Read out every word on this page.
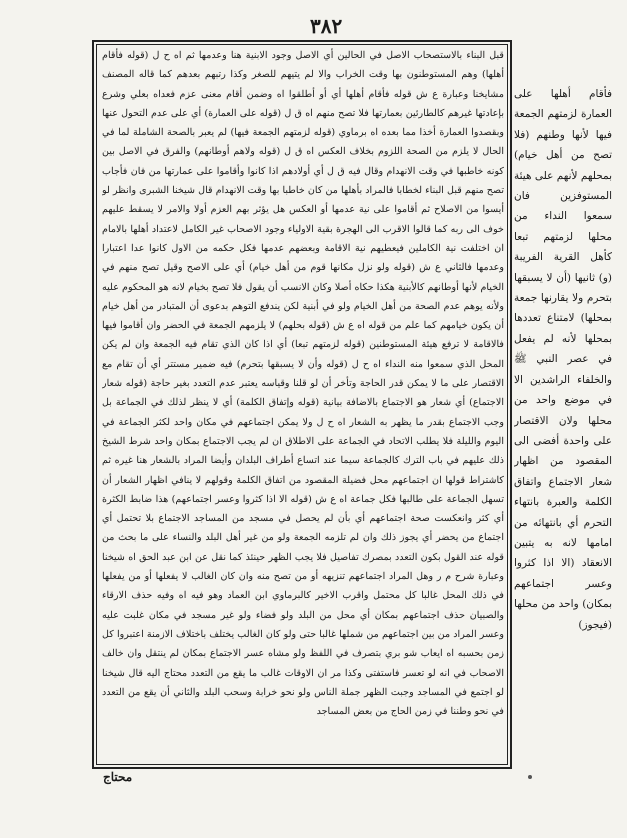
٣٨٢

قبل البناء بالاستصحاب الاصل في الحالين أي الاصل وجود الابنية هنا وعدمها ثم اه ح ل (قوله فأقام أهلها) وهم المستوطنون بها وقت الخراب والا لم يتيهم للصغر وكذا رتبهم بعدهم كما قاله المصنف مشايخنا وعبارة ع ش قوله فأقام أهلها أي أو أطلقوا اه وضمن أقام معنى عزم فعداه بعلي وشرع بإعادتها غيرهم كالطارئين بعمارتها فلا تصح منهم اه ق ل (قوله على العمارة) أي على عدم التحول عنها وبقصدوا العمارة أخذا مما بعده اه برماوي (قوله لزمتهم الجمعة فيها) لم يعبر بالصحة الشاملة لما في الحال لا يلزم من الصحة اللزوم بخلاف العكس اه ق ل (قوله ولاهم أوطانهم) والفرق في الاصل بين كونه خاطبها في وقت الانهدام وقال فيه ق ل أي أولادهم اذا كانوا وأقاموا على عمارتها من فان فأجاب تصح منهم قبل البناء لخطابا فالمراد بأهلها من كان خاطبا بها وقت الانهدام قال شيخنا الشبرى وانظر لو أيسوا من الاصلاح ثم أقاموا على نية عدمها أو العكس هل يؤثر بهم العزم أولا والامر لا يسقط عليهم خوف الى ربه كما قالوا الاقرب الى الهجرة بقية الاولياء وجود الاصحاب غير الكامل لاعتداد أهلها بالامام ان اختلفت نية الكاملين فيعطيهم نية الاقامة وبعضهم عدمها فكل حكمه من الاول كانوا عدا اعتبارا وعدمها فالثاني ع ش (قوله ولو نزل مكانها قوم من أهل خيام) أي على الاصح وقيل تصح منهم في الخيام لأنها أوطانهم كالأبنية هكذا حكاه أصلا وكان الانسب أن يقول فلا تصح بخيام لانه هو المحكوم عليه ولأنه يوهم عدم الصحة من أهل الخيام ولو في أبنية لكن يندفع التوهم بدعوى أن المتبادر من أهل خيام أن يكون خيامهم كما علم من قوله اه ع ش (قوله بحلهم) لا يلزمهم الجمعة في الحضر وان أقاموا فيها فالاقامة لا ترفع هيئة المستوطنين (قوله لزمتهم تبعا) أي اذا كان الذي تقام فيه الجمعة وان لم يكن المحل الذي سمعوا منه النداء اه ح ل (قوله وأن لا يسبقها بتحرم) فيه ضمير مستتر أي أن تقام مع الاقتصار على ما لا يمكن قدر الحاجة وتأخر أن لو قلنا وقياسه يعتبر عدم التعدد بغير حاجة (قوله شعار الاجتماع) أي شعار هو الاجتماع بالاضافة بيانية (قوله وإتفاق الكلمة) أي لا ينظر لذلك في الجماعة بل وجب الاجتماع بقدر ما يظهر به الشعار اه ح ل ولا يمكن اجتماعهم في مكان واحد لكثر الجماعة في اليوم والليلة فلا يطلب الاتحاد في الجماعة على الاطلاق ان لم يجب الاجتماع بمكان واحد شرط الشيخ ذلك عليهم في باب الترك كالجماعة سيما عند اتساع أطراف البلدان وأيضا المراد بالشعار هنا غيره ثم كاشتراط قولها ان اجتماعهم محل فضيلة المقصود من اتفاق الكلمة وقولهم لا ينافي اظهار الشعار أن تسهل الجماعة على طالبها فكل جماعة اه ع ش (قوله الا اذا كثروا وعسر اجتماعهم) هذا ضابط الكثرة أي كثر وانعكست صحة اجتماعهم أي بأن لم يحصل في مسجد من المساجد الاجتماع بلا تحتمل أي اجتماع من يحضر أي يجوز ذلك وان لم تلزمه الجمعة ولو من غير أهل البلد والنساء على ما بحث من قوله عند القول بكون التعدد بمصرك تفاصيل فلا يجب الظهر حينئذ كما نقل عن ابن عبد الحق اه شيخنا وعبارة شرح م ر وهل المراد اجتماعهم تنزيهه أو من تصح منه وان كان الغالب لا يفعلها أو من يفعلها في ذلك المحل غالبا كل محتمل واقرب الاخير كالبرماوي ابن العماد وهو فيه اه وفيه حذف الارقاء والصبيان حذف اجتماعهم بمكان أي محل من البلد ولو فضاء ولو غير مسجد في مكان غلبت عليه وعسر المراد من بين اجتماعهم من شملها غالبا حتى ولو كان الغالب يختلف باختلاف الازمنة اعتبروا كل زمن بحسبه اه ايعاب شو بري بتصرف في اللفظ ولو مشاه عسر الاجتماع بمكان لم ينتقل وان خالف الاصحاب في انه لو تعسر فاستفتى وكذا مر ان الاوقات غالب ما يقع من التعدد محتاج اليه قال شيخنا لو اجتمع في المساجد وجبت الظهر جملة الناس ولو نحو خرابة وسحب البلد والثاني أن يقع من التعدد في نحو وطننا في زمن الحاج من بعض المساجد

فأقام أهلها على العمارة لزمتهم الجمعة فيها لأنها وطنهم (فلا تصح من أهل خيام) بمحلهم لأنهم على هيئة المستوفزين فان سمعوا النداء من محلها لزمتهم تبعا كأهل القرية الفريبة (و) ثانيها (أن لا يسبقها بتحرم ولا يقارنها جمعة بمحلها) لامتناع تعددها بمحلها لأنه لم يفعل في عصر النبي ﷺ والخلفاء الراشدين الا في موضع واحد من محلها ولان الاقتصار على واحدة أفضى الى المقصود من اظهار شعار الاجتماع واتفاق الكلمة والعبرة بانتهاء التحرم أي بانتهائه من امامها لانه به يتبين الانعقاد (الا اذا كثروا وعسر اجتماعهم بمكان) واحد من محلها (فيجوز)

محتاج
